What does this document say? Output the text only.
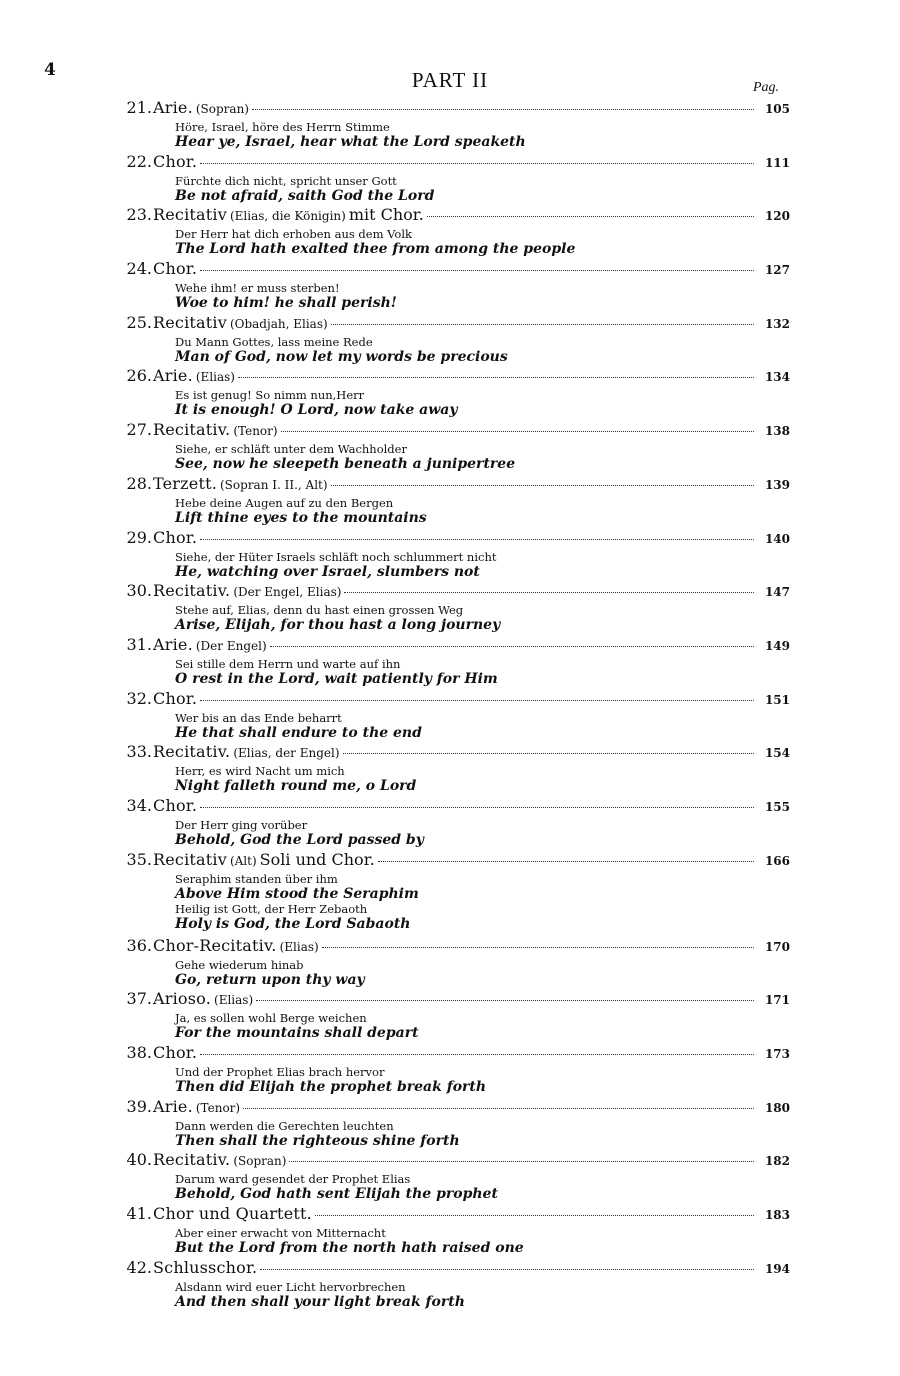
4	PART II	Pag.
21. Arie. (Sopran)	105
Höre, Israel, höre des Herrn Stimme
Hear ye, Israel, hear what the Lord speaketh
22. Chor.	111
Fürchte dich nicht, spricht unser Gott
Be not afraid, saith God the Lord
23. Recitativ (Elias, die Königin) mit Chor.	120
Der Herr hat dich erhoben aus dem Volk
The Lord hath exalted thee from among the people
24. Chor.	127
Wehe ihm! er muss sterben!
Woe to him! he shall perish!
25. Recitativ (Obadjah, Elias)	132
Du Mann Gottes, lass meine Rede
Man of God, now let my words be precious
26. Arie. (Elias)	134
Es ist genug! So nimm nun,Herr
It is enough! O Lord, now take away
27. Recitativ. (Tenor)	138
Siehe, er schläft unter dem Wachholder
See, now he sleepeth beneath a junipertree
28. Terzett. (Sopran I. II., Alt)	139
Hebe deine Augen auf zu den Bergen
Lift thine eyes to the mountains
29. Chor.	140
Siehe, der Hüter Israels schläft noch schlummert nicht
He, watching over Israel, slumbers not
30. Recitativ. (Der Engel, Elias)	147
Stehe auf, Elias, denn du hast einen grossen Weg
Arise, Elijah, for thou hast a long journey
31. Arie. (Der Engel)	149
Sei stille dem Herrn und warte auf ihn
O rest in the Lord, wait patiently for Him
32. Chor.	151
Wer bis an das Ende beharrt
He that shall endure to the end
33. Recitativ. (Elias, der Engel)	154
Herr, es wird Nacht um mich
Night falleth round me, o Lord
34. Chor.	155
Der Herr ging vorüber
Behold, God the Lord passed by
35. Recitativ (Alt) Soli und Chor.	166
Seraphim standen über ihm
Above Him stood the Seraphim
Heilig ist Gott, der Herr Zebaoth
Holy is God, the Lord Sabaoth
36. Chor-Recitativ. (Elias)	170
Gehe wiederum hinab
Go, return upon thy way
37. Arioso. (Elias)	171
Ja, es sollen wohl Berge weichen
For the mountains shall depart
38. Chor.	173
Und der Prophet Elias brach hervor
Then did Elijah the prophet break forth
39. Arie. (Tenor)	180
Dann werden die Gerechten leuchten
Then shall the righteous shine forth
40. Recitativ. (Sopran)	182
Darum ward gesendet der Prophet Elias
Behold, God hath sent Elijah the prophet
41. Chor und Quartett.	183
Aber einer erwacht von Mitternacht
But the Lord from the north hath raised one
42. Schlusschor.	194
Alsdann wird euer Licht hervorbrechen
And then shall your light break forth
